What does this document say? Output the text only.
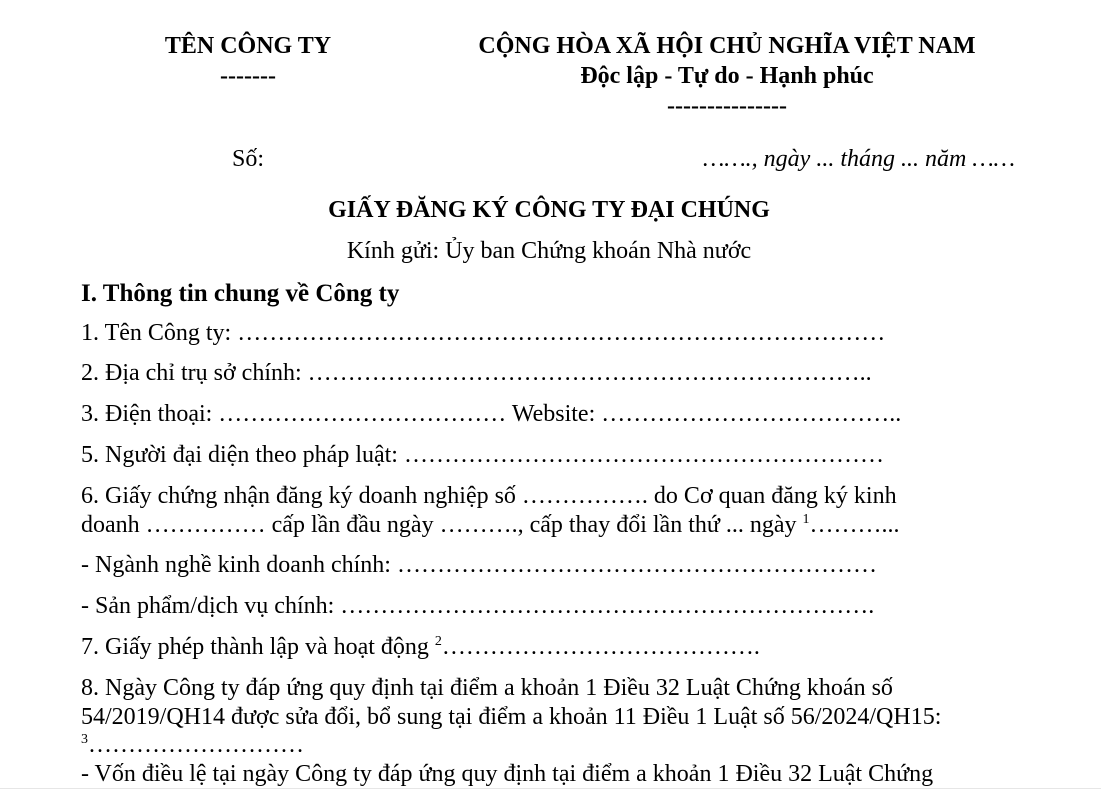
TÊN CÔNG TY
-------
CỘNG HÒA XÃ HỘI CHỦ NGHĨA VIỆT NAM
Độc lập - Tự do - Hạnh phúc
---------------
Số:	……., ngày ... tháng ... năm ……
GIẤY ĐĂNG KÝ CÔNG TY ĐẠI CHÚNG
Kính gửi: Ủy ban Chứng khoán Nhà nước
I. Thông tin chung về Công ty
1. Tên Công ty: ………………………………………………………………………
2. Địa chỉ trụ sở chính: ……………………………………………………………..
3. Điện thoại: ……………………………… Website: ………………………………..
5. Người đại diện theo pháp luật: ……………………………………………………
6. Giấy chứng nhận đăng ký doanh nghiệp số ……………. do Cơ quan đăng ký kinh
doanh …………… cấp lần đầu ngày ………., cấp thay đổi lần thứ ... ngày $^1$………...
- Ngành nghề kinh doanh chính: ……………………………………………………
- Sản phẩm/dịch vụ chính: ………………………………………………………….
7. Giấy phép thành lập và hoạt động $^2$………………………………….
8. Ngày Công ty đáp ứng quy định tại điểm a khoản 1 Điều 32 Luật Chứng khoán số
54/2019/QH14 được sửa đổi, bổ sung tại điểm a khoản 11 Điều 1 Luật số 56/2024/QH15:
$^3$………………………
- Vốn điều lệ tại ngày Công ty đáp ứng quy định tại điểm a khoản 1 Điều 32 Luật Chứng
